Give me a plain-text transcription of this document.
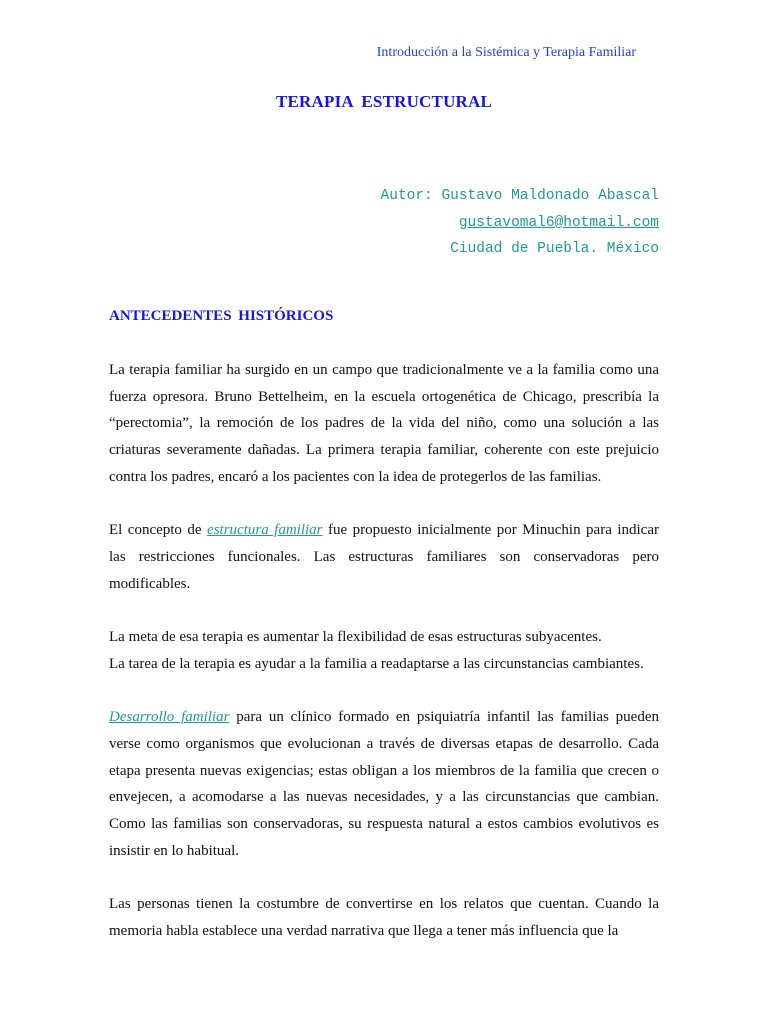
Introducción a la Sistémica y Terapia Familiar
TERAPIA ESTRUCTURAL
Autor: Gustavo Maldonado Abascal
gustavomal6@hotmail.com
Ciudad de Puebla. México
ANTECEDENTES HISTÓRICOS

La terapia familiar ha surgido en un campo que tradicionalmente ve a la familia como una fuerza opresora. Bruno Bettelheim, en la escuela ortogenética de Chicago, prescribía la “perectomia”, la remoción de los padres de la vida del niño, como una solución a las criaturas severamente dañadas. La primera terapia familiar, coherente con este prejuicio contra los padres, encaró a los pacientes con la idea de protegerlos de las familias.

El concepto de estructura familiar fue propuesto inicialmente por Minuchin para indicar las restricciones funcionales. Las estructuras familiares son conservadoras pero modificables.

La meta de esa terapia es aumentar la flexibilidad de esas estructuras subyacentes.

La tarea de la terapia es ayudar a la familia a readaptarse a las circunstancias cambiantes.

Desarrollo familiar para un clínico formado en psiquiatría infantil las familias pueden verse como organismos que evolucionan a través de diversas etapas de desarrollo. Cada etapa presenta nuevas exigencias; estas obligan a los miembros de la familia que crecen o envejecen, a acomodarse a las nuevas necesidades, y a las circunstancias que cambian. Como las familias son conservadoras, su respuesta natural a estos cambios evolutivos es insistir en lo habitual.

Las personas tienen la costumbre de convertirse en los relatos que cuentan. Cuando la memoria habla establece una verdad narrativa que llega a tener más influencia que la
